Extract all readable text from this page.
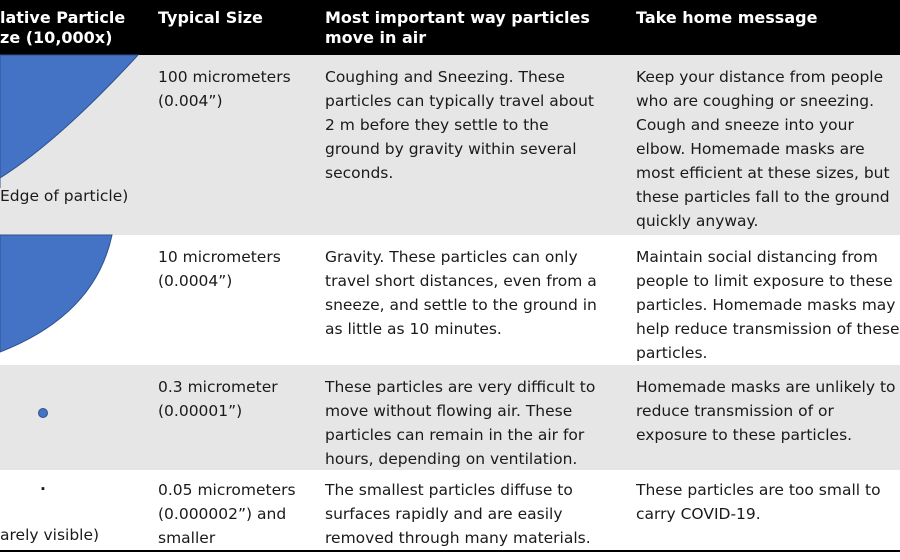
lative Particle
ze (10,000x)
Typical Size	Most important way particles
move in air
Take home message
100 micrometers
(0.004”)
Coughing and Sneezing. These
particles can typically travel about
2 m before they settle to the
ground by gravity within several
seconds.
Keep your distance from people
who are coughing or sneezing.
Cough and sneeze into your
elbow. Homemade masks are
most efficient at these sizes, but
these particles fall to the ground
quickly anyway.
Edge of particle)
10 micrometers
(0.0004”)
Gravity. These particles can only
travel short distances, even from a
sneeze, and settle to the ground in
as little as 10 minutes.
Maintain social distancing from
people to limit exposure to these
particles. Homemade masks may
help reduce transmission of these
particles.
0.3 micrometer
(0.00001”)
These particles are very difficult to
move without flowing air. These
particles can remain in the air for
hours, depending on ventilation.
Homemade masks are unlikely to
reduce transmission of or
exposure to these particles.
0.05 micrometers
(0.000002”) and
smaller
The smallest particles diffuse to
surfaces rapidly and are easily
removed through many materials.
These particles are too small to
carry COVID-19.
.
arely visible)
